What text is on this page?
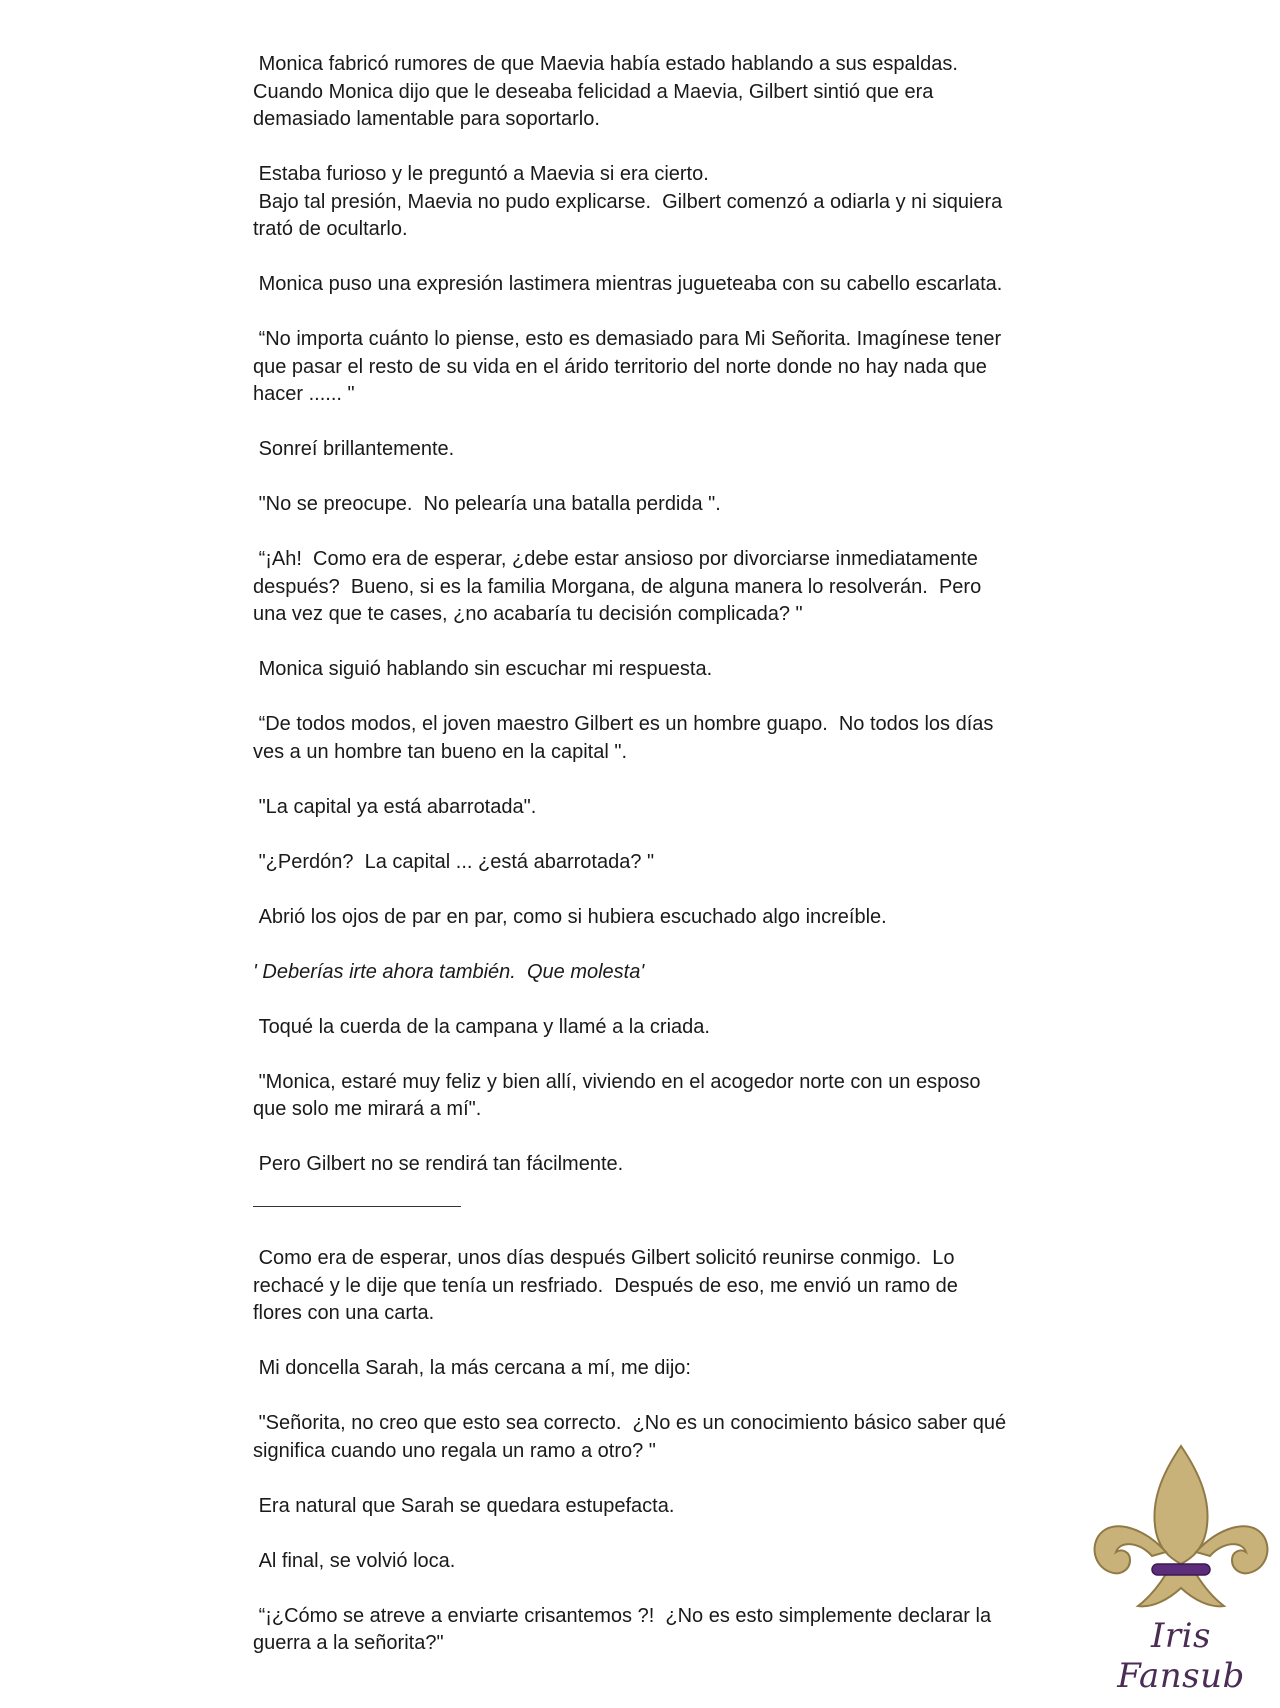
Monica fabricó rumores de que Maevia había estado hablando a sus espaldas.
Cuando Monica dijo que le deseaba felicidad a Maevia, Gilbert sintió que era
demasiado lamentable para soportarlo.

Estaba furioso y le preguntó a Maevia si era cierto.
Bajo tal presión, Maevia no pudo explicarse.  Gilbert comenzó a odiarla y ni siquiera
trató de ocultarlo.

Monica puso una expresión lastimera mientras jugueteaba con su cabello escarlata.

“No importa cuánto lo piense, esto es demasiado para Mi Señorita. Imagínese tener
que pasar el resto de su vida en el árido territorio del norte donde no hay nada que
hacer ...... "

Sonreí brillantemente.

"No se preocupe.  No pelearía una batalla perdida ".

“¡Ah!  Como era de esperar, ¿debe estar ansioso por divorciarse inmediatamente
después?  Bueno, si es la familia Morgana, de alguna manera lo resolverán.  Pero
una vez que te cases, ¿no acabaría tu decisión complicada? "

Monica siguió hablando sin escuchar mi respuesta.

“De todos modos, el joven maestro Gilbert es un hombre guapo.  No todos los días
ves a un hombre tan bueno en la capital ".

"La capital ya está abarrotada".

"¿Perdón?  La capital ... ¿está abarrotada? "

Abrió los ojos de par en par, como si hubiera escuchado algo increíble.

' Deberías irte ahora también.  Que molesta'

Toqué la cuerda de la campana y llamé a la criada.

"Monica, estaré muy feliz y bien allí, viviendo en el acogedor norte con un esposo
que solo me mirará a mí".

Pero Gilbert no se rendirá tan fácilmente.

Como era de esperar, unos días después Gilbert solicitó reunirse conmigo.  Lo
rechacé y le dije que tenía un resfriado.  Después de eso, me envió un ramo de
flores con una carta.

Mi doncella Sarah, la más cercana a mí, me dijo:

"Señorita, no creo que esto sea correcto.  ¿No es un conocimiento básico saber qué
significa cuando uno regala un ramo a otro? "

Era natural que Sarah se quedara estupefacta.

Al final, se volvió loca.

“¡¿Cómo se atreve a enviarte crisantemos ?!  ¿No es esto simplemente declarar la
guerra a la señorita?"	Iris Fansub
